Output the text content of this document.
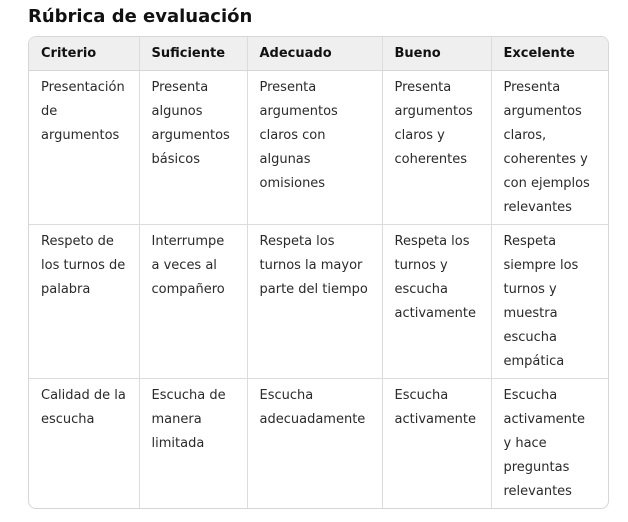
Rúbrica de evaluación
Criterio	Suficiente	Adecuado	Bueno	Excelente
Presentación de argumentos	Presenta algunos argumentos básicos	Presenta argumentos claros con algunas omisiones	Presenta argumentos claros y coherentes	Presenta argumentos claros, coherentes y con ejemplos relevantes
Respeto de los turnos de palabra	Interrumpe a veces al compañero	Respeta los turnos la mayor parte del tiempo	Respeta los turnos y escucha activamente	Respeta siempre los turnos y muestra escucha empática
Calidad de la escucha	Escucha de manera limitada	Escucha adecuadamente	Escucha activamente	Escucha activamente y hace preguntas relevantes
